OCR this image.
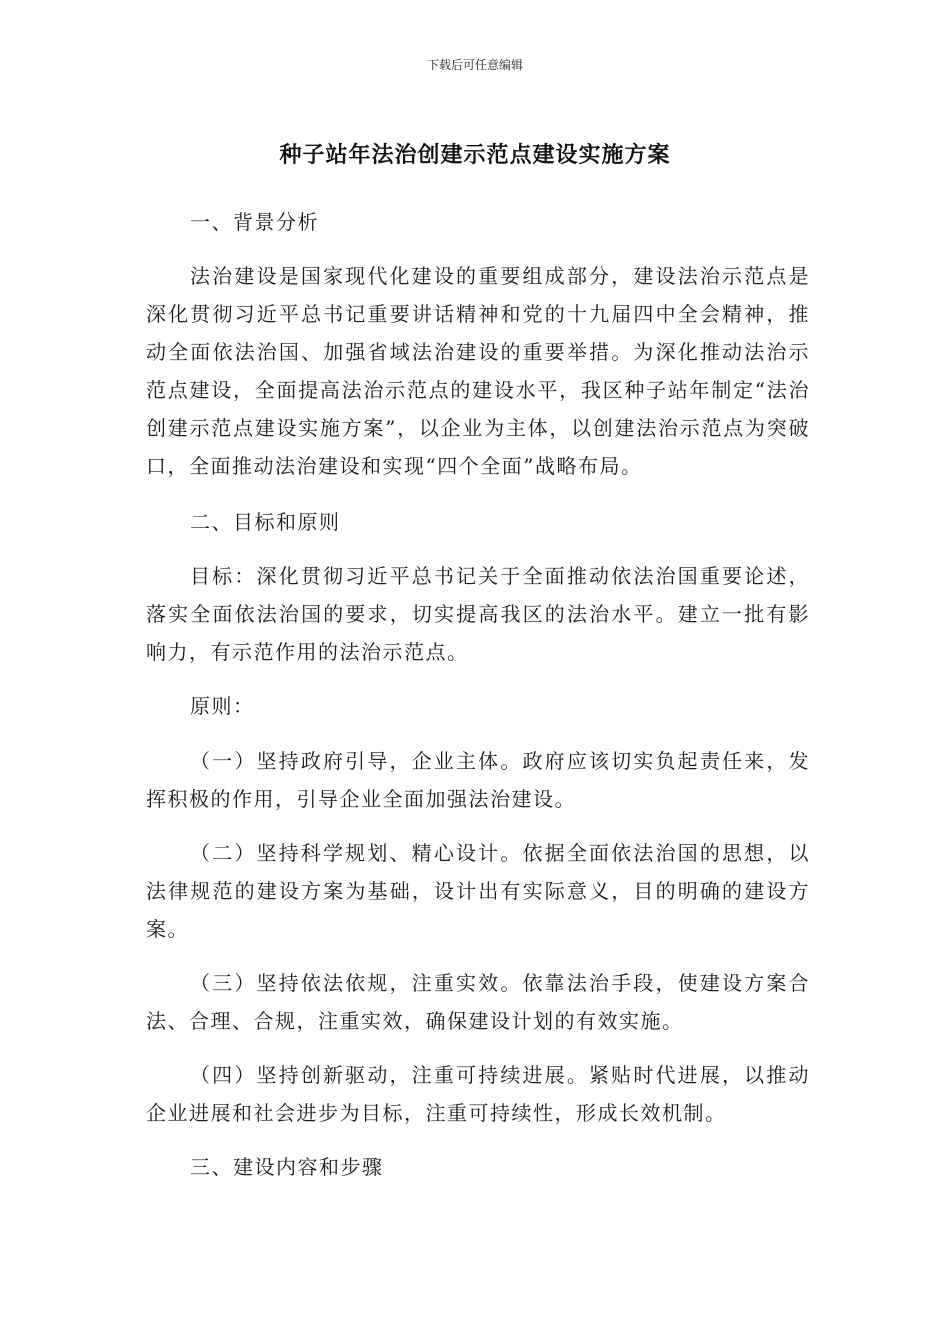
下载后可任意编辑
种子站年法治创建示范点建设实施方案

一、背景分析

法治建设是国家现代化建设的重要组成部分，建设法治示范点是深化贯彻习近平总书记重要讲话精神和党的十九届四中全会精神，推动全面依法治国、加强省域法治建设的重要举措。为深化推动法治示范点建设，全面提高法治示范点的建设水平，我区种子站年制定“法治创建示范点建设实施方案”，以企业为主体，以创建法治示范点为突破口，全面推动法治建设和实现“四个全面”战略布局。

二、目标和原则

目标：深化贯彻习近平总书记关于全面推动依法治国重要论述，落实全面依法治国的要求，切实提高我区的法治水平。建立一批有影响力，有示范作用的法治示范点。

原则：

（一）坚持政府引导，企业主体。政府应该切实负起责任来，发挥积极的作用，引导企业全面加强法治建设。

（二）坚持科学规划、精心设计。依据全面依法治国的思想，以法律规范的建设方案为基础，设计出有实际意义，目的明确的建设方案。

（三）坚持依法依规，注重实效。依靠法治手段，使建设方案合法、合理、合规，注重实效，确保建设计划的有效实施。

（四）坚持创新驱动，注重可持续进展。紧贴时代进展，以推动企业进展和社会进步为目标，注重可持续性，形成长效机制。

三、建设内容和步骤
